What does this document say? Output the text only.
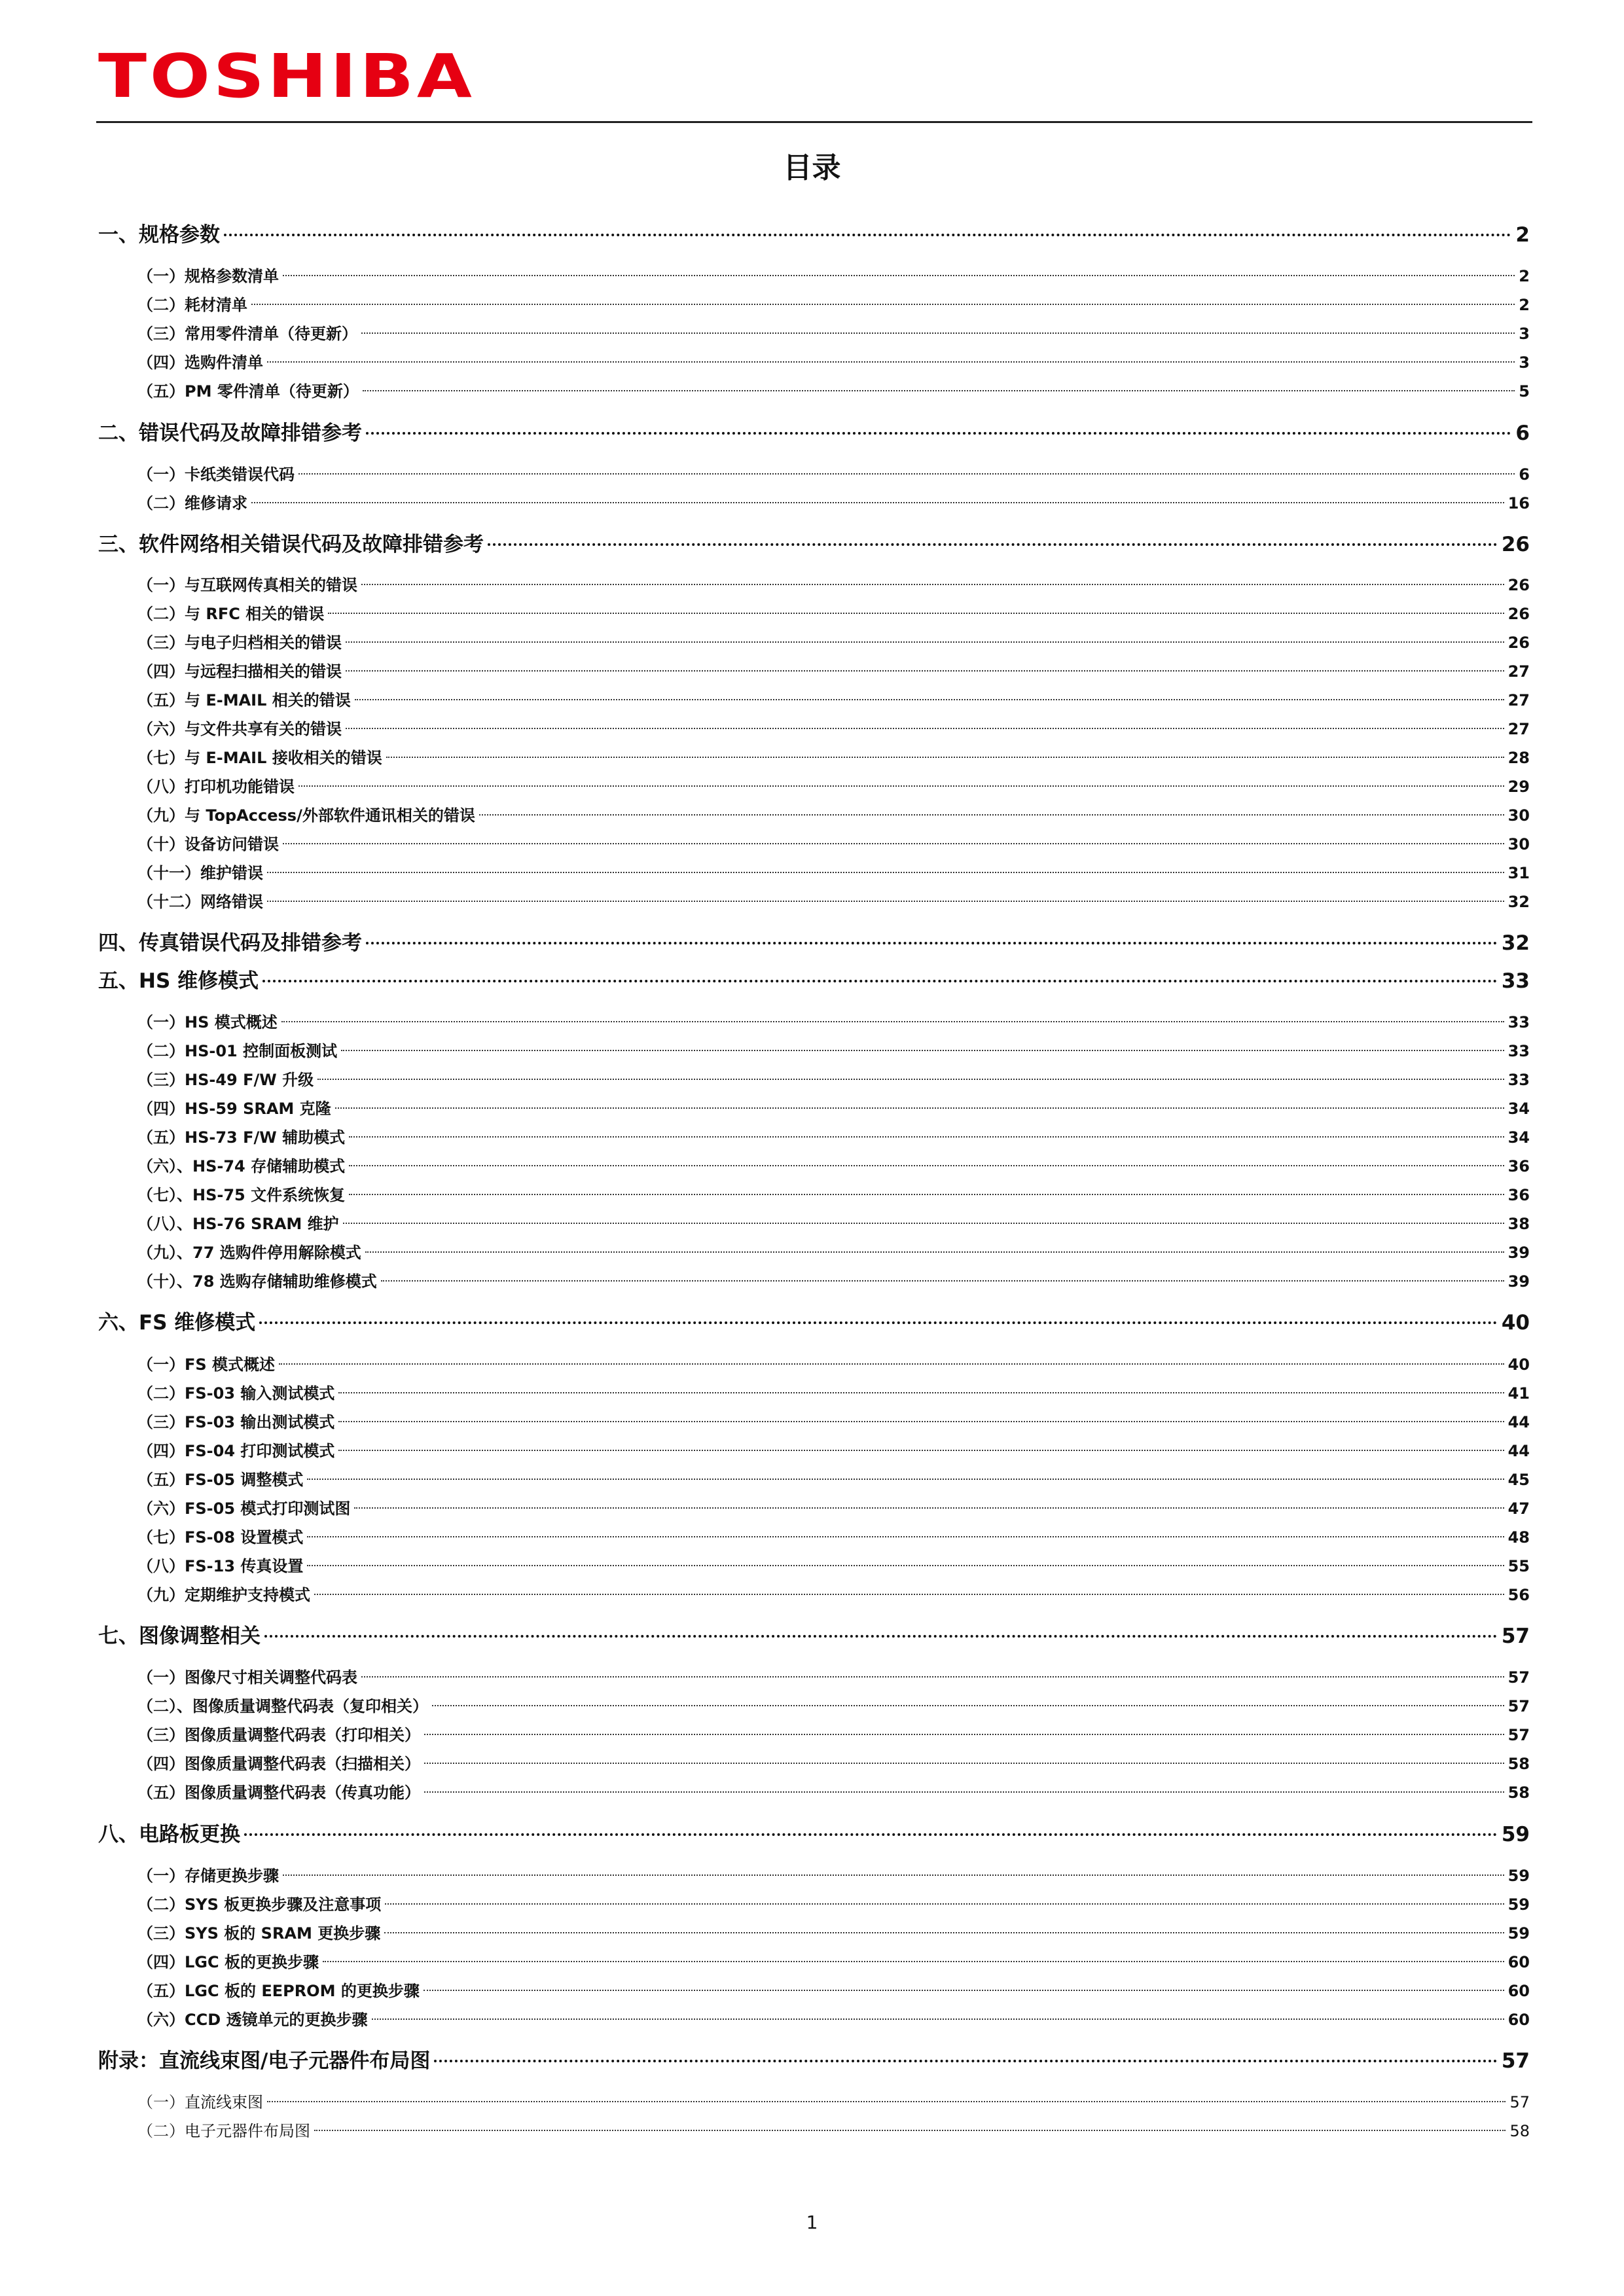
TOSHIBA
目录
一、规格参数	2
（一）规格参数清单	2
（二）耗材清单	2
（三）常用零件清单（待更新）	3
（四）选购件清单	3
（五）PM 零件清单（待更新）	5
二、错误代码及故障排错参考	6
（一）卡纸类错误代码	6
（二）维修请求	16
三、软件网络相关错误代码及故障排错参考	26
（一）与互联网传真相关的错误	26
（二）与 RFC 相关的错误	26
（三）与电子归档相关的错误	26
（四）与远程扫描相关的错误	27
（五）与 E-MAIL 相关的错误	27
（六）与文件共享有关的错误	27
（七）与 E-MAIL 接收相关的错误	28
（八）打印机功能错误	29
（九）与 TopAccess/外部软件通讯相关的错误	30
（十）设备访问错误	30
（十一）维护错误	31
（十二）网络错误	32
四、传真错误代码及排错参考	32
五、HS 维修模式	33
（一）HS 模式概述	33
（二）HS-01 控制面板测试	33
（三）HS-49 F/W 升级	33
（四）HS-59 SRAM 克隆	34
（五）HS-73 F/W 辅助模式	34
（六）、HS-74 存储辅助模式	36
（七）、HS-75 文件系统恢复	36
（八）、HS-76 SRAM 维护	38
（九）、77 选购件停用解除模式	39
（十）、78 选购存储辅助维修模式	39
六、FS 维修模式	40
（一）FS 模式概述	40
（二）FS-03 输入测试模式	41
（三）FS-03 输出测试模式	44
（四）FS-04 打印测试模式	44
（五）FS-05 调整模式	45
（六）FS-05 模式打印测试图	47
（七）FS-08 设置模式	48
（八）FS-13 传真设置	55
（九）定期维护支持模式	56
七、图像调整相关	57
（一）图像尺寸相关调整代码表	57
（二）、图像质量调整代码表（复印相关）	57
（三）图像质量调整代码表（打印相关）	57
（四）图像质量调整代码表（扫描相关）	58
（五）图像质量调整代码表（传真功能）	58
八、电路板更换	59
（一）存储更换步骤	59
（二）SYS 板更换步骤及注意事项	59
（三）SYS 板的 SRAM 更换步骤	59
（四）LGC 板的更换步骤	60
（五）LGC 板的 EEPROM 的更换步骤	60
（六）CCD 透镜单元的更换步骤	60
附录：直流线束图/电子元器件布局图	57
（一）直流线束图	57
（二）电子元器件布局图	58
1
